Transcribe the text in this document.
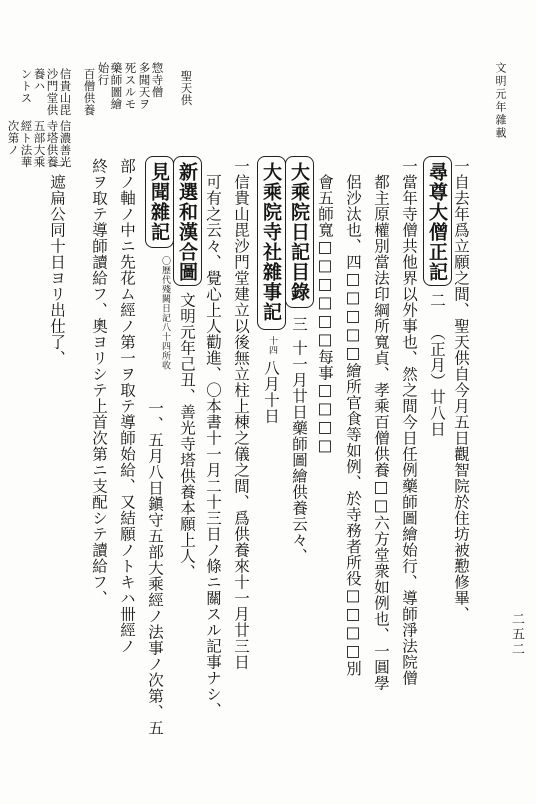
文明元年雜載
二五二
聖天供
惣寺僧
多聞天ヲ
死スルモ
藥師圖繪
始行
百僧供養
信貴山毘
沙門堂供
養ハ
ントス
信濃善光
寺塔供養
五部大乘
經ト法華
次第ノ
一自去年爲立願之間、聖天供自今月五日觀智院於住坊被懃修畢、
尋尊大僧正記
二
（正月）廿八日
一當年寺僧共他界以外事也、然之間今日任例藥師圖繪始行、導師淨法院僧
都主原權別當法印綱所寬貞、孝乘百僧供養□□六方堂衆如例也、一圓學
侶沙汰也、四□□□□□繪所官食等如例、於寺務者所役□□□□別
會五師寬□□□□□□每事□□□□
大乘院日記目錄
三
十一月廿日藥師圖繪供養云々、
大乘院寺社雜事記
十四
八月十日
一信貴山毘沙門堂建立以後無立柱上棟之儀之間、爲供養來十一月廿三日
可有之云々、覺心上人勸進、〇本書十一月二十三日ノ條ニ關スル記事ナシ、
新選和漢合圖
文明元年己丑、善光寺塔供養本願上人、
見聞雜記
〇歷代殘闕日記八十四所收
一、五月八日鎭守五部大乘經ノ法事ノ次第、五
部ノ軸ノ中ニ先花ム經ノ第一ヲ取テ導師始給、又結願ノトキハ卌經ノ
終ヲ取テ導師讀給フ、奧ヨリシテ上首次第ニ支配シテ讀給フ、
一遮扁公同十日ヨリ出仕了、
